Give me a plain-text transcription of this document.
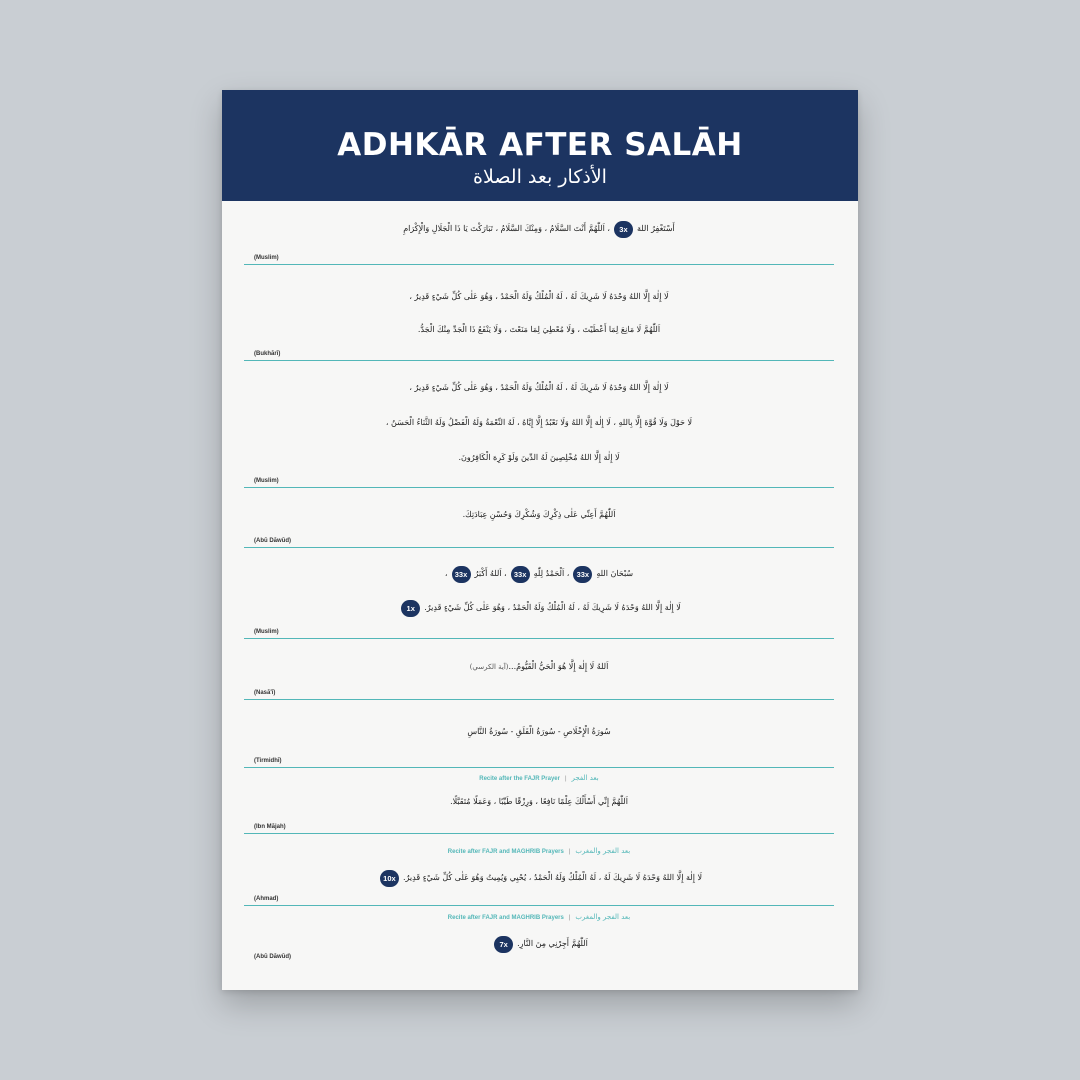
ADHKĀR AFTER SALĀH
الأذكار بعد الصلاة
أَسْتَغْفِرُ اللهَ3x، اَللّٰهُمَّ أَنْتَ السَّلَامُ ، وَمِنْكَ السَّلَامُ ، تَبَارَكْتَ يَا ذَا الْجَلَالِ وَالْإِكْرَامِ
(Muslim)
لَا إِلٰهَ إِلَّا اللهُ وَحْدَهُ لَا شَرِيكَ لَهُ ، لَهُ الْمُلْكُ وَلَهُ الْحَمْدُ ، وَهُوَ عَلٰى كُلِّ شَيْءٍ قَدِيرٌ ،
اَللّٰهُمَّ لَا مَانِعَ لِمَا أَعْطَيْتَ ، وَلَا مُعْطِيَ لِمَا مَنَعْتَ ، وَلَا يَنْفَعُ ذَا الْجَدِّ مِنْكَ الْجَدُّ.
(Bukhārī)
لَا إِلٰهَ إِلَّا اللهُ وَحْدَهُ لَا شَرِيكَ لَهُ ، لَهُ الْمُلْكُ وَلَهُ الْحَمْدُ ، وَهُوَ عَلٰى كُلِّ شَيْءٍ قَدِيرٌ ،
لَا حَوْلَ وَلَا قُوَّةَ إِلَّا بِاللهِ ، لَا إِلٰهَ إِلَّا اللهُ وَلَا نَعْبُدُ إِلَّا إِيَّاهُ ، لَهُ النِّعْمَةُ وَلَهُ الْفَضْلُ وَلَهُ الثَّنَاءُ الْحَسَنُ ،
لَا إِلٰهَ إِلَّا اللهُ مُخْلِصِينَ لَهُ الدِّينَ وَلَوْ كَرِهَ الْكَافِرُونَ.
(Muslim)
اَللّٰهُمَّ أَعِنِّي عَلٰى ذِكْرِكَ وَشُكْرِكَ وَحُسْنِ عِبَادَتِكَ.
(Abū Dāwūd)
سُبْحَانَ اللهِ33x، اَلْحَمْدُ لِلّٰهِ33x، اَللهُ أَكْبَرُ33x،
لَا إِلٰهَ إِلَّا اللهُ وَحْدَهُ لَا شَرِيكَ لَهُ ، لَهُ الْمُلْكُ وَلَهُ الْحَمْدُ ، وَهُوَ عَلٰى كُلِّ شَيْءٍ قَدِيرٌ.1x
(Muslim)
اَللهُ لَا إِلٰهَ إِلَّا هُوَ الْحَيُّ الْقَيُّومُ...(آية الكرسي)
(Nasā'ī)
سُورَةُ الْإِخْلَاصِ - سُورَةُ الْفَلَقِ - سُورَةُ النَّاسِ
(Tirmidhī)
Recite after the FAJR Prayer | بعد الفجر
اَللّٰهُمَّ إِنِّي أَسْأَلُكَ عِلْمًا نَافِعًا ، وَرِزْقًا طَيِّبًا ، وَعَمَلًا مُتَقَبَّلًا.
(Ibn Mājah)
Recite after FAJR and MAGHRIB Prayers | بعد الفجر والمغرب
لَا إِلٰهَ إِلَّا اللهُ وَحْدَهُ لَا شَرِيكَ لَهُ ، لَهُ الْمُلْكُ وَلَهُ الْحَمْدُ ، يُحْيِي وَيُمِيتُ وَهُوَ عَلٰى كُلِّ شَيْءٍ قَدِيرٌ.10x
(Ahmad)
Recite after FAJR and MAGHRIB Prayers | بعد الفجر والمغرب
اَللّٰهُمَّ أَجِرْنِي مِنَ النَّارِ.7x
(Abū Dāwūd)
